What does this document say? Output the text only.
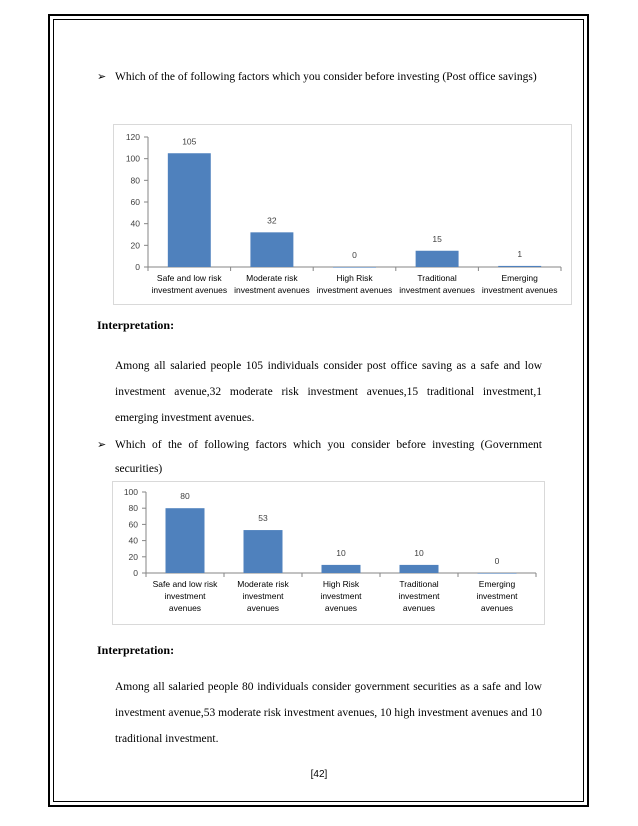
➢ Which of the of following factors which you consider before investing (Post office savings)
0
20
40
60
80
100
120	105
Safe and low risk
investment avenues
32
Moderate risk
investment avenues
0
High Risk
investment avenues
15
Traditional
investment avenues
1
Emerging
investment avenues
Interpretation:
Among all salaried people 105 individuals consider post office saving as a safe and low investment avenue,32 moderate risk investment avenues,15 traditional investment,1 emerging investment avenues.
➢ Which of the of following factors which you consider before investing (Government securities)
0
20
40
60
80
100	80
Safe and low risk
investment
avenues
53
Moderate risk
investment
avenues
10
High Risk
investment
avenues
10
Traditional
investment
avenues
0
Emerging
investment
avenues
Interpretation:
Among all salaried people 80 individuals consider government securities as a safe and low investment avenue,53 moderate risk investment avenues, 10 high investment avenues and 10 traditional investment.
[42]
